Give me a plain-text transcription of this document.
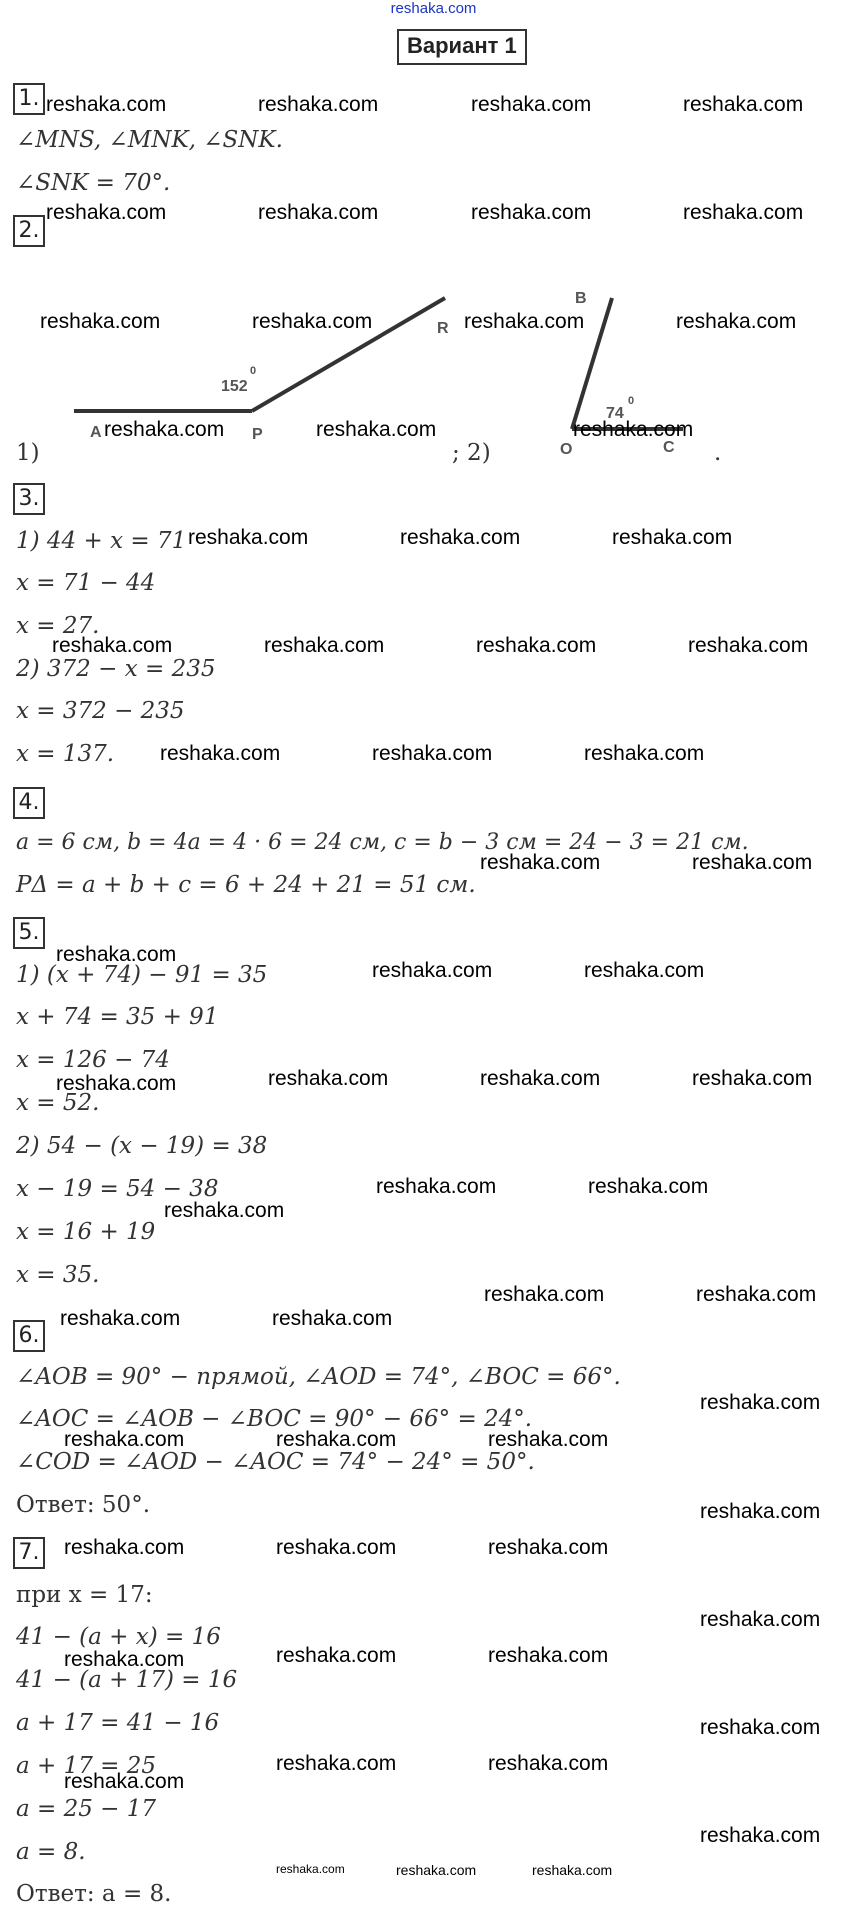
reshaka.com
Вариант 1
1.
2.
3.
4.
5.
6.
7.
∠MNS, ∠MNK, ∠SNK.
∠SNK = 70°.
A	P
R
152
0
B
O	C
74
0
1)	; 2)	.
1) 44 + x = 71
x = 71 − 44
x = 27.
2) 372 − x = 235
x = 372 − 235
x = 137.
a = 6 см, b = 4a = 4 · 6 = 24 см, c = b − 3 см = 24 − 3 = 21 см.
PΔ = a + b + c = 6 + 24 + 21 = 51 см.
1) (x + 74) − 91 = 35
x + 74 = 35 + 91
x = 126 − 74
x = 52.
2) 54 − (x − 19) = 38
x − 19 = 54 − 38
x = 16 + 19
x = 35.
∠AOB = 90° − прямой, ∠AOD = 74°, ∠BOC = 66°.
∠AOC = ∠AOB − ∠BOC = 90° − 66° = 24°.
∠COD = ∠AOD − ∠AOC = 74° − 24° = 50°.
Ответ: 50°.
при x = 17:
41 − (a + x) = 16
41 − (a + 17) = 16
a + 17 = 41 − 16
a + 17 = 25
a = 25 − 17
a = 8.
Ответ: a = 8.
reshaka.com	reshaka.com	reshaka.com	reshaka.com
reshaka.com	reshaka.com	reshaka.com	reshaka.com
reshaka.com	reshaka.com	reshaka.com	reshaka.com
reshaka.com	reshaka.com	reshaka.com
reshaka.com	reshaka.com	reshaka.com
reshaka.com	reshaka.com	reshaka.com	reshaka.com
reshaka.com	reshaka.com	reshaka.com
reshaka.com	reshaka.com
reshaka.com
reshaka.com	reshaka.com
reshaka.com	reshaka.com	reshaka.com	reshaka.com
reshaka.com	reshaka.com
reshaka.com
reshaka.com	reshaka.com
reshaka.com	reshaka.com
reshaka.com
reshaka.com	reshaka.com	reshaka.com
reshaka.com
reshaka.com	reshaka.com	reshaka.com
reshaka.com
reshaka.com	reshaka.com	reshaka.com
reshaka.com
reshaka.com	reshaka.com
reshaka.com
reshaka.com
reshaka.com	reshaka.com	reshaka.com
